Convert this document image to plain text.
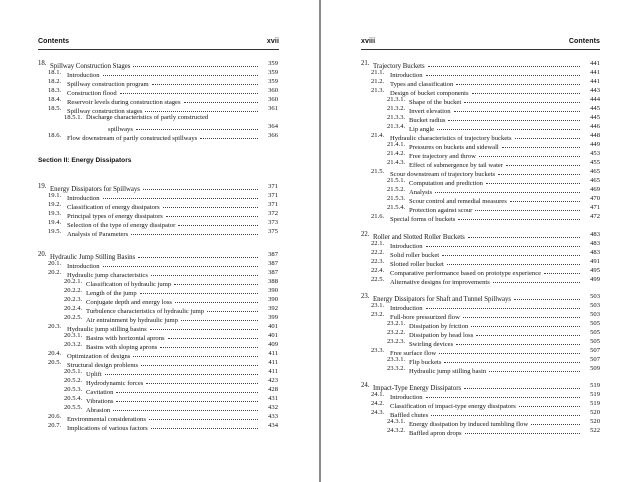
Contents	xvii
Section II: Energy Dissipators
18. Spillway Construction Stages	359
18.1. Introduction	359
18.2. Spillway construction program	359
18.3. Construction flood	360
18.4. Reservoir levels during construction stages	360
18.5. Spillway construction stages	361
18.5.1. Discharge characteristics of partly constructed
spillways	364
18.6. Flow downstream of partly constructed spillways	366
19. Energy Dissipators for Spillways	371
19.1. Introduction	371
19.2. Classification of energy dissipators	371
19.3. Principal types of energy dissipators	372
19.4. Selection of the type of energy dissipator	373
19.5. Analysis of Parameters	375
20. Hydraulic Jump Stilling Basins	387
20.1. Introduction	387
20.2. Hydraulic jump characteristics	387
20.2.1. Classification of hydraulic jump	388
20.2.2. Length of the jump	390
20.2.3. Conjugate depth and energy loss	390
20.2.4. Turbulence characteristics of hydraulic jump	392
20.2.5. Air entrainment by hydraulic jump	399
20.3. Hydraulic jump stilling basins	401
20.3.1. Basins with horizontal aprons	401
20.3.2. Basins with sloping aprons	409
20.4. Optimization of designs	411
20.5. Structural design problems	411
20.5.1. Uplift	411
20.5.2. Hydrodynamic forces	423
20.5.3. Cavitation	428
20.5.4. Vibrations	431
20.5.5. Abrasion	432
20.6. Environmental considerations	433
20.7. Implications of various factors	434
xviii	Contents
21. Trajectory Buckets	441
21.1. Introduction	441
21.2. Types and classification	441
21.3. Design of bucket components	443
21.3.1. Shape of the bucket	444
21.3.2. Invert elevation	445
21.3.3. Bucket radius	445
21.3.4. Lip angle	446
21.4. Hydraulic characteristics of trajectory buckets	448
21.4.1. Pressures on buckets and sidewall	449
21.4.2. Free trajectory and throw	453
21.4.3. Effect of submergence by tail water	455
21.5. Scour downstream of trajectory buckets	465
21.5.1. Computation and prediction	465
21.5.2. Analysis	469
21.5.3. Scour control and remedial measures	470
21.5.4. Protection against scour	471
21.6. Special forms of buckets	472
22. Roller and Slotted Roller Buckets	483
22.1. Introduction	483
22.2. Solid roller bucket	483
22.3. Slotted roller bucket	491
22.4. Comparative performance based on prototype experience	495
22.5. Alternative designs for improvements	499
23. Energy Dissipators for Shaft and Tunnel Spillways	503
23.1. Introduction	503
23.2. Full-bore pressurized flow	503
23.2.1. Dissipation by friction	505
23.2.2. Dissipation by head loss	505
23.2.3. Swirling devices	505
23.3. Free surface flow	507
23.3.1. Flip buckets	507
23.3.2. Hydraulic jump stilling basin	509
24. Impact-Type Energy Dissipators	519
24.1. Introduction	519
24.2. Classification of impact-type energy dissipators	519
24.3. Baffled chutes	520
24.3.1. Energy dissipation by induced tumbling flow	520
24.3.2. Baffled apron drops	522
